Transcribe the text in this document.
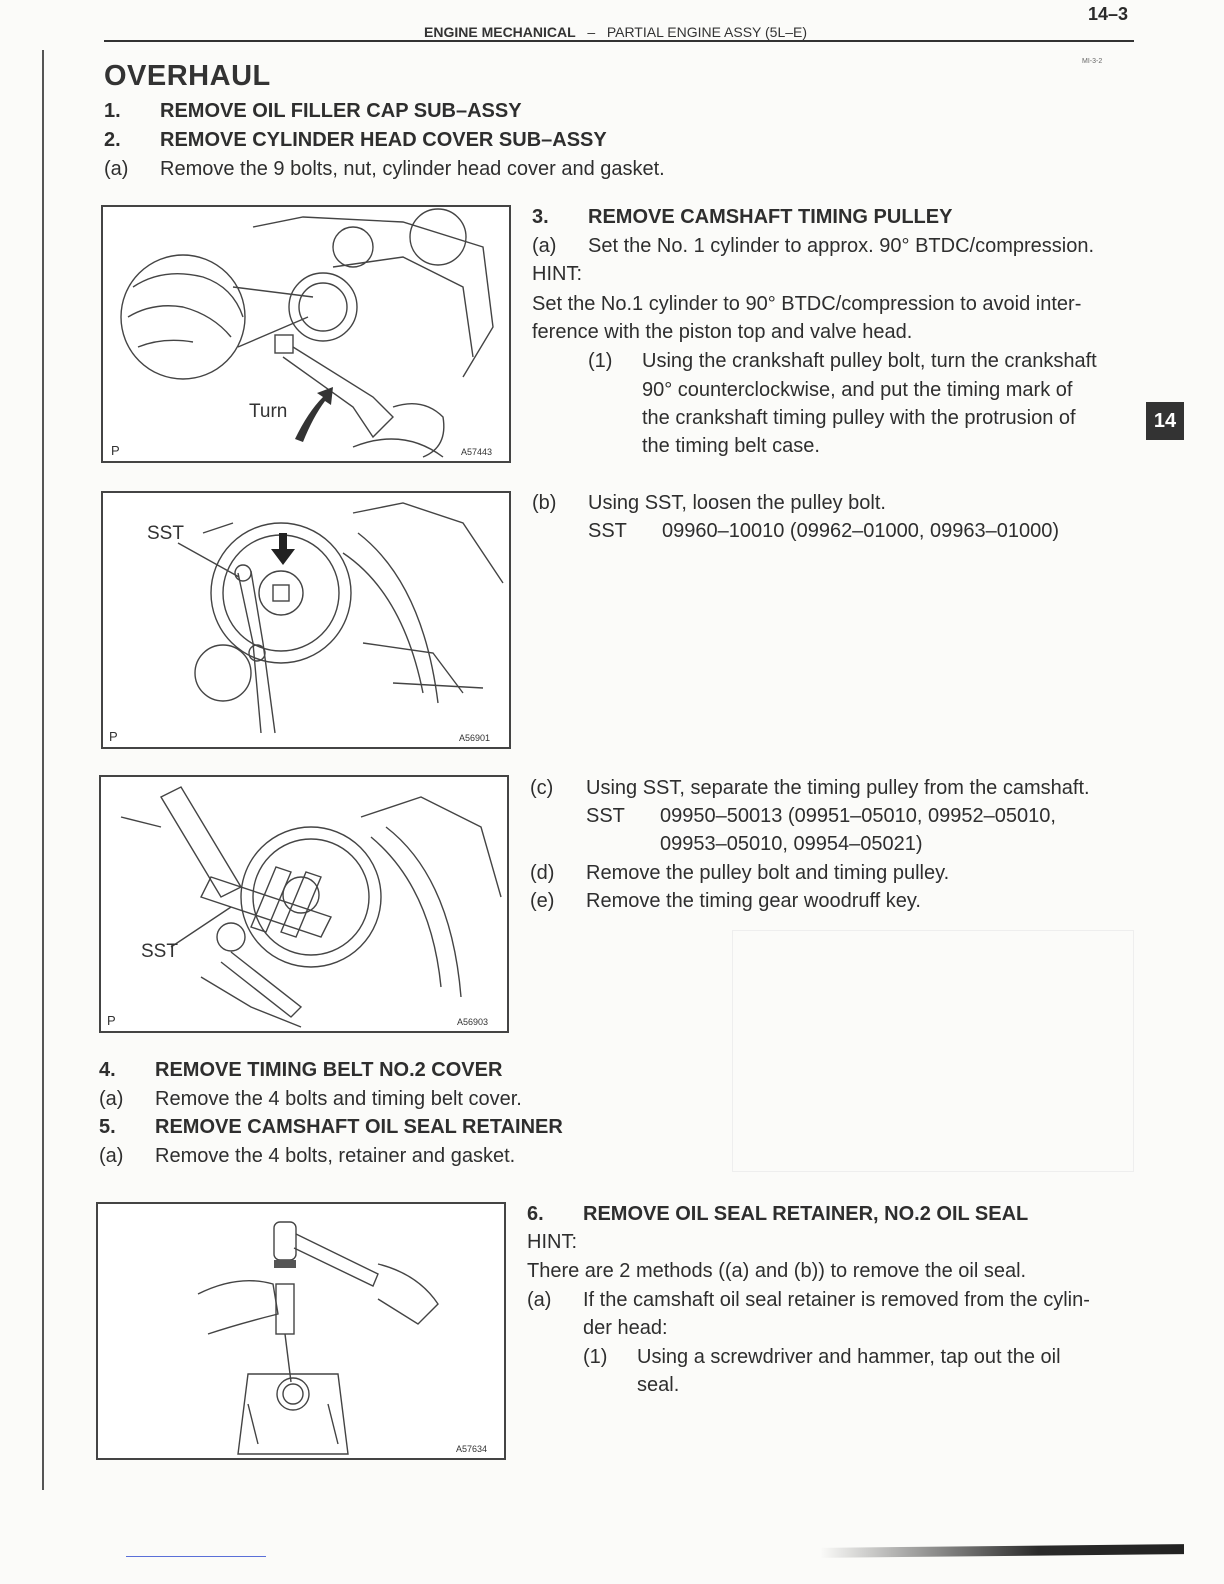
14–3
ENGINE MECHANICAL – PARTIAL ENGINE ASSY (5L–E)
MI-3-2
OVERHAUL
1. REMOVE OIL FILLER CAP SUB–ASSY
2. REMOVE CYLINDER HEAD COVER SUB–ASSY
(a) Remove the 9 bolts, nut, cylinder head cover and gasket.
Turn
P	A57443
3. REMOVE CAMSHAFT TIMING PULLEY
(a) Set the No. 1 cylinder to approx. 90° BTDC/compression.
HINT:
Set the No.1 cylinder to 90° BTDC/compression to avoid inter-
ference with the piston top and valve head.
(1) Using the crankshaft pulley bolt, turn the crankshaft
90° counterclockwise, and put the timing mark of
the crankshaft timing pulley with the protrusion of
the timing belt case.
14
SST
P	A56901
(b) Using SST, loosen the pulley bolt.
SST 09960–10010 (09962–01000, 09963–01000)
SST
P	A56903
(c) Using SST, separate the timing pulley from the camshaft.
SST 09950–50013 (09951–05010, 09952–05010,
09953–05010, 09954–05021)
(d) Remove the pulley bolt and timing pulley.
(e) Remove the timing gear woodruff key.
4. REMOVE TIMING BELT NO.2 COVER
(a) Remove the 4 bolts and timing belt cover.
5. REMOVE CAMSHAFT OIL SEAL RETAINER
(a) Remove the 4 bolts, retainer and gasket.
A57634
6. REMOVE OIL SEAL RETAINER, NO.2 OIL SEAL
HINT:
There are 2 methods ((a) and (b)) to remove the oil seal.
(a) If the camshaft oil seal retainer is removed from the cylin-
der head:
(1) Using a screwdriver and hammer, tap out the oil
seal.
